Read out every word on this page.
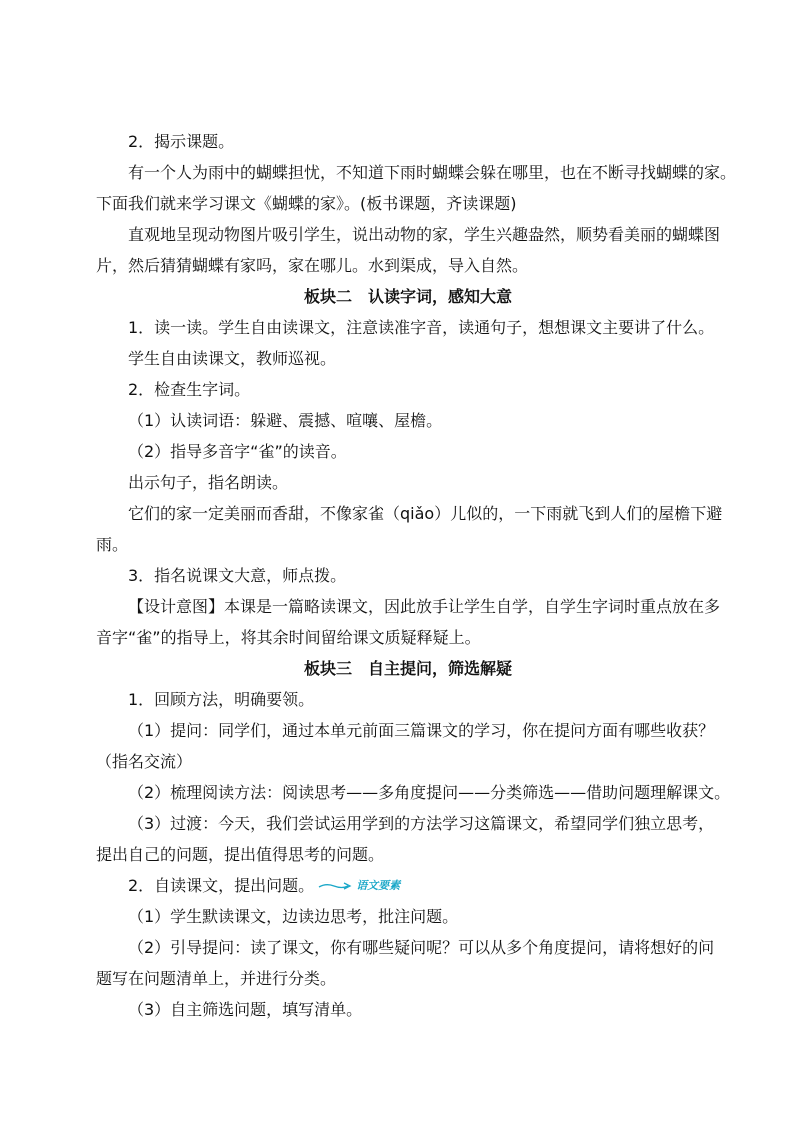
2．揭示课题。
有一个人为雨中的蝴蝶担忧，不知道下雨时蝴蝶会躲在哪里，也在不断寻找蝴蝶的家。
下面我们就来学习课文《蝴蝶的家》。(板书课题，齐读课题)
直观地呈现动物图片吸引学生，说出动物的家，学生兴趣盎然，顺势看美丽的蝴蝶图
片，然后猜猜蝴蝶有家吗，家在哪儿。水到渠成，导入自然。
板块二 认读字词，感知大意
1．读一读。学生自由读课文，注意读准字音，读通句子，想想课文主要讲了什么。
学生自由读课文，教师巡视。
2．检查生字词。
（1）认读词语：躲避、震撼、喧嚷、屋檐。
（2）指导多音字“雀”的读音。
出示句子，指名朗读。
它们的家一定美丽而香甜，不像家雀（qiǎo）儿似的，一下雨就飞到人们的屋檐下避
雨。
3．指名说课文大意，师点拨。
【设计意图】本课是一篇略读课文，因此放手让学生自学，自学生字词时重点放在多
音字“雀”的指导上，将其余时间留给课文质疑释疑上。
板块三 自主提问，筛选解疑
1．回顾方法，明确要领。
（1）提问：同学们，通过本单元前面三篇课文的学习，你在提问方面有哪些收获？
（指名交流）
（2）梳理阅读方法：阅读思考——多角度提问——分类筛选——借助问题理解课文。
（3）过渡：今天，我们尝试运用学到的方法学习这篇课文，希望同学们独立思考，
提出自己的问题，提出值得思考的问题。
2．自读课文，提出问题。	语文要素
（1）学生默读课文，边读边思考，批注问题。
（2）引导提问：读了课文，你有哪些疑问呢？可以从多个角度提问，请将想好的问
题写在问题清单上，并进行分类。
（3）自主筛选问题，填写清单。
